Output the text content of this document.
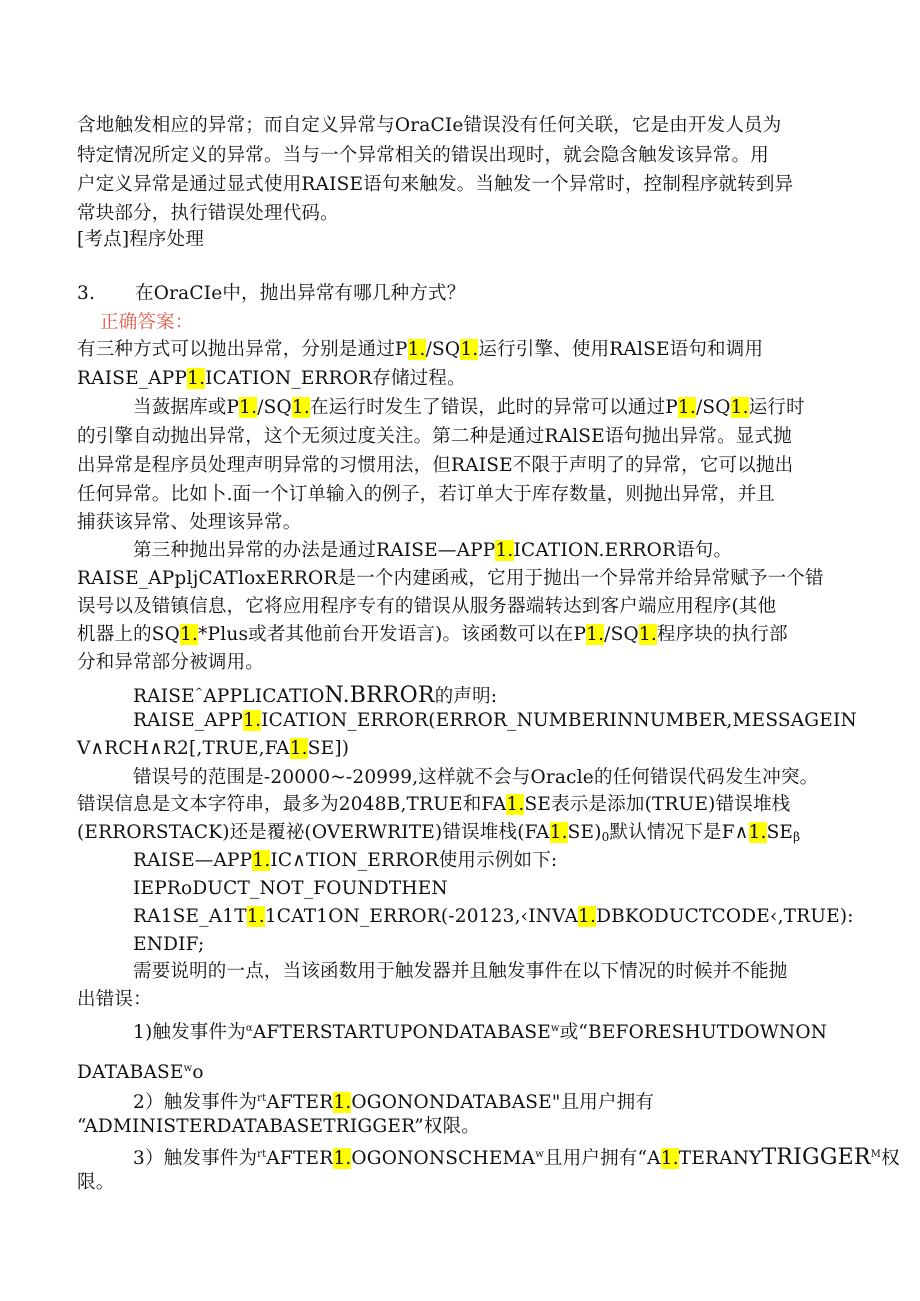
含地触发相应的异常；而自定义异常与OraCIe错误没有任何关联，它是由开发人员为
特定情况所定义的异常。当与一个异常相关的错误出现时，就会隐含触发该异常。用
户定义异常是通过显式使用RAISE语句来触发。当触发一个异常时，控制程序就转到异
常块部分，执行错误处理代码。
[考点]程序处理
3. 在OraCIe中，抛出异常有哪几种方式？
正确答案：
有三种方式可以抛出异常，分别是通过P1./SQ1.运行引擎、使用RAlSE语句和调用
RAISE_APP1.ICATION_ERROR存储过程。
当蔹据库或P1./SQ1.在运行时发生了错误，此时的异常可以通过P1./SQ1.运行时
的引擎自动抛出异常，这个无须过度关注。第二种是通过RAlSE语句抛出异常。显式抛
出异常是程序员处理声明异常的习惯用法，但RAISE不限于声明了的异常，它可以抛出
任何异常。比如卜.面一个订单输入的例子，若订单大于库存数量，则抛出异常，并且
捕获该异常、处理该异常。
第三种抛出异常的办法是通过RAISE—APP1.ICATION.ERROR语句。
RAISE_APpljCATloxERROR是一个内建函戒，它用于抛出一个异常并给异常赋予一个错
误号以及错镇信息，它将应用程序专有的错误从服务器端转达到客户端应用程序(其他
机器上的SQ1.*Plus或者其他前台开发语言)。该函数可以在P1./SQ1.程序块的执行部
分和异常部分被调用。
RAISE^APPLICATION.BRROR的声明:
RAISE_APP1.ICATION_ERROR(ERROR_NUMBERINNUMBER,MESSAGEIN
V∧RCH∧R2[,TRUE,FA1.SE])
错误号的范围是-20000~-20999,这样就不会与Oracle的任何错误代码发生冲突。
错误信息是文本字符串，最多为2048B,TRUE和FA1.SE表示是添加(TRUE)错误堆栈
(ERRORSTACK)还是覆祕(OVERWRITE)错误堆栈$(FA1.SE)_0$默认情况下是$F\wedge 1.SE_\beta$
RAISE—APP1.IC∧TION_ERROR使用示例如下:
IEPRoDUCT_NOT_FOUNDTHEN
RA1SE_A1T1.1CAT1ON_ERROR(-20123,‹INVA1.DBKODUCTCODE‹,TRUE):
ENDIF;
需要说明的一点，当该函数用于触发器并且触发事件在以下情况的时候并不能抛
出错误：
1)触发事件为$^\alpha$AFTERSTARTUPONDATABASE$^w$或“BEFORESHUTDOWNON
DATABASE$^w$o
2）触发事件为$^{rt}$AFTER1.OGONONDATABASE"且用户拥有
“ADMINISTERDATABASETRIGGER”权限。
3）触发事件为$^{rt}$AFTER1.OGONONSCHEMA$^w$且用户拥有“$A1.TERANYTRIGGER^M$权
限。
